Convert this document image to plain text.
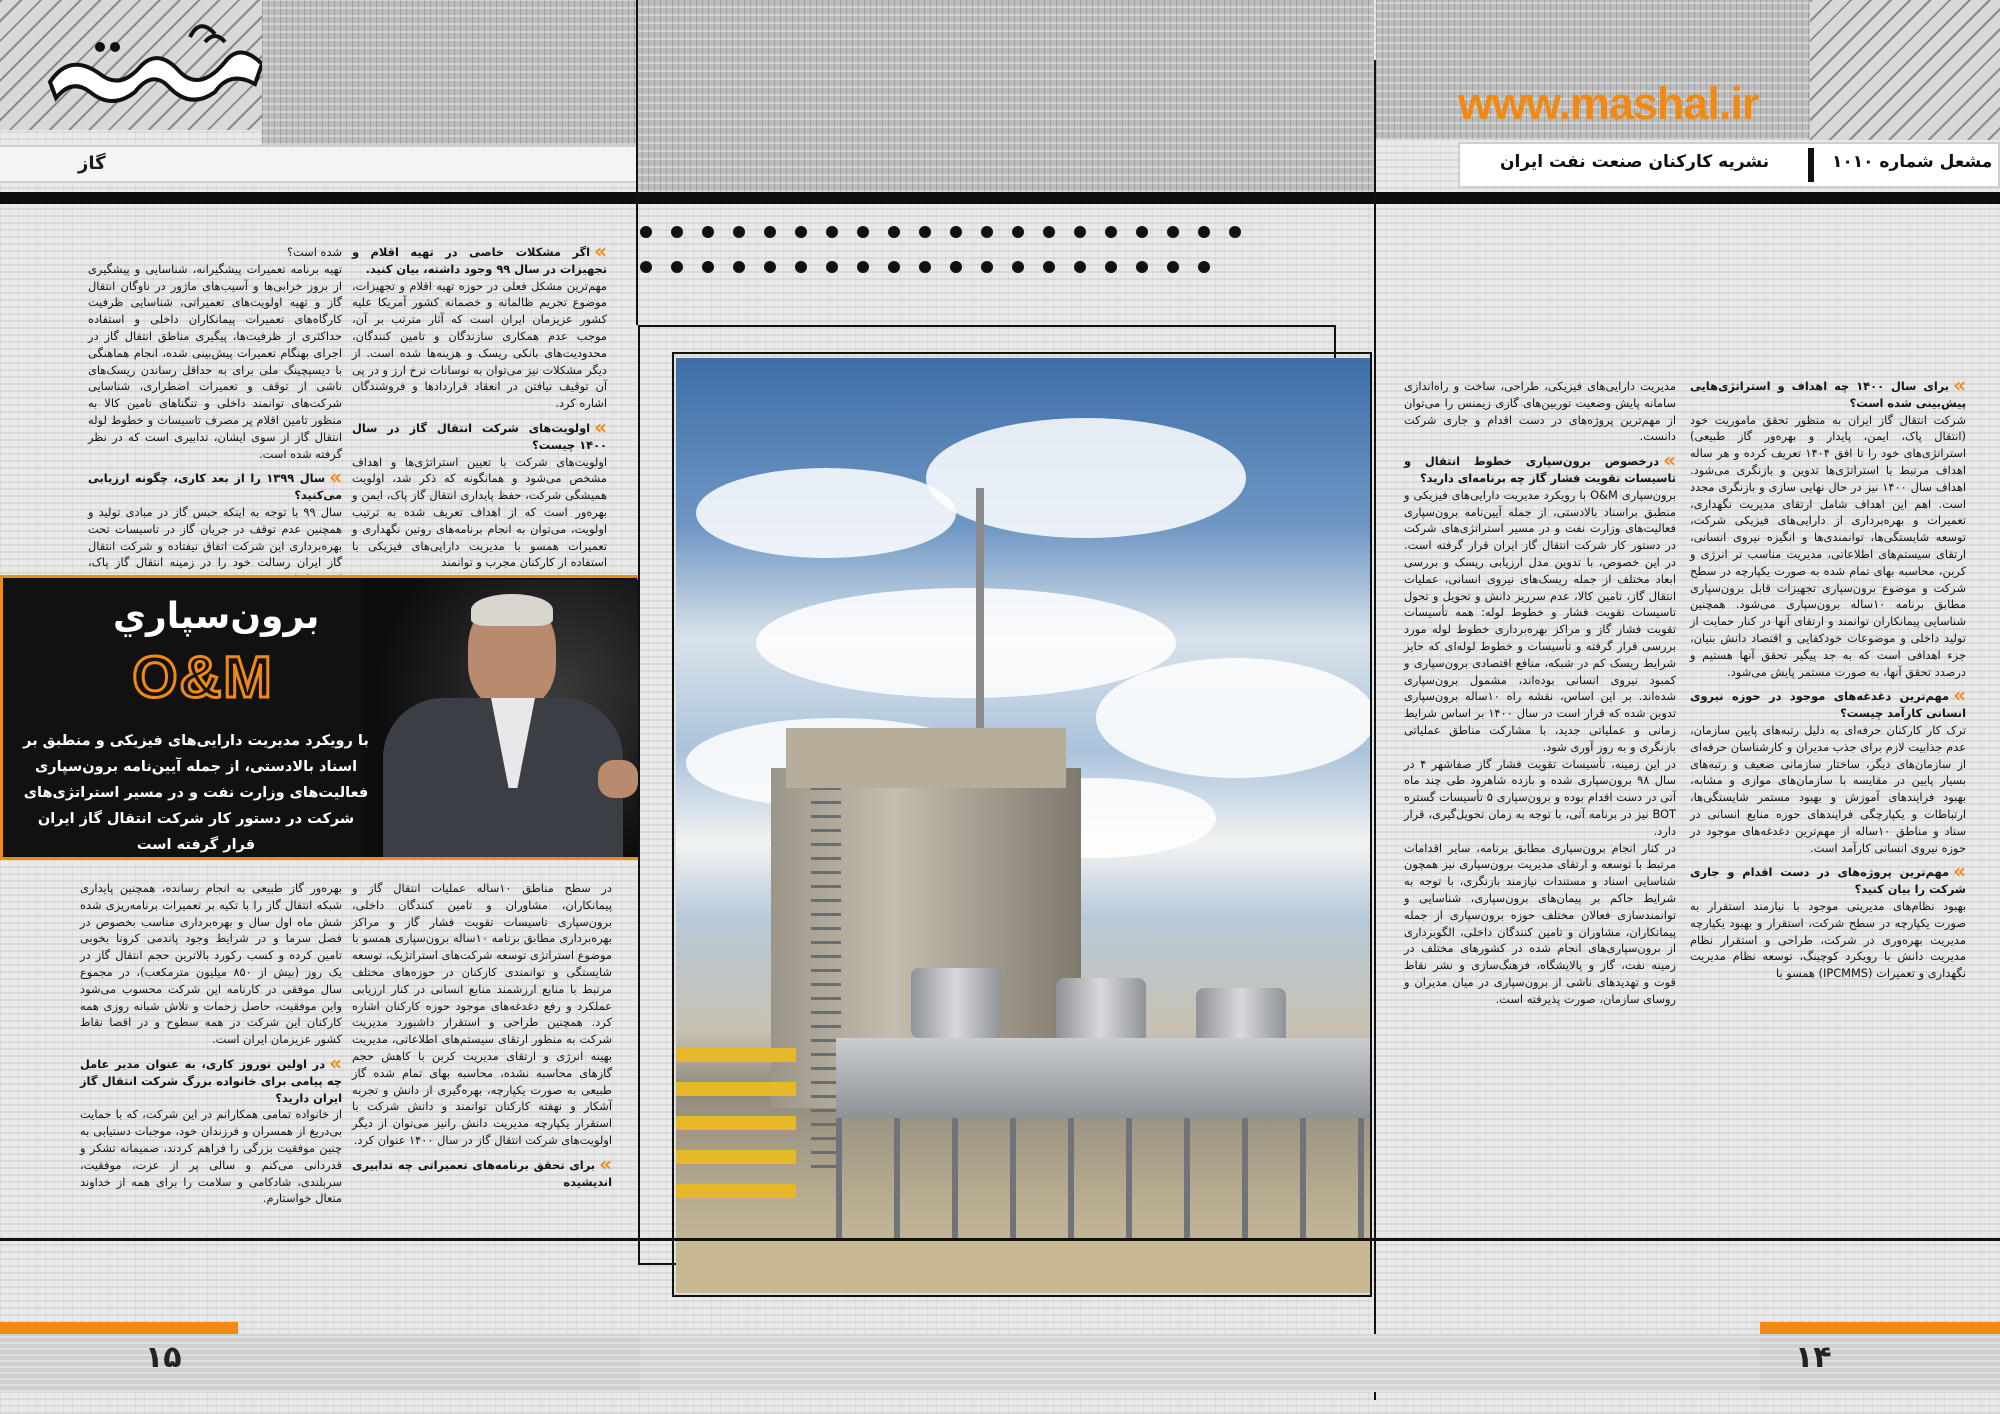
گاز
» اگر مشکلات خاصی در تهیه اقلام و تجهیزات در سال ۹۹ وجود داشته، بیان کنید.
مهم‌ترین مشکل فعلی در حوزه تهیه اقلام و تجهیزات، موضوع تحریم ظالمانه و خصمانه کشور آمریکا علیه کشور عزیزمان ایران است که آثار مترتب بر آن، موجب عدم همکاری سازندگان و تامین کنندگان، محدودیت‌های بانکی ریسک و هزینه‌ها شده است. از دیگر مشکلات نیز می‌توان به نوسانات نرخ ارز و در پی آن توقیف نیافتن در انعقاد قراردادها و فروشندگان اشاره کرد.
» اولویت‌های شرکت انتقال گاز در سال ۱۴۰۰ چیست؟
اولویت‌های شرکت با تعیین استراتژی‌ها و اهداف مشخص می‌شود و همانگونه که ذکر شد، اولویت همیشگی شرکت، حفظ پایداری انتقال گاز پاک، ایمن و بهره‌ور است که از اهداف تعریف شده به ترتیب اولویت، می‌توان به انجام برنامه‌های روتین نگهداری و تعمیرات همسو با مدیریت دارایی‌های فیزیکی با استفاده از کارکنان مجرب و توانمند
شده است؟
تهیه برنامه تعمیرات پیشگیرانه، شناسایی و پیشگیری از بروز خرابی‌ها و آسیب‌های ماژور در ناوگان انتقال گاز و تهیه اولویت‌های تعمیراتی، شناسایی ظرفیت کارگاه‌های تعمیرات پیمانکاران داخلی و استفاده حداکثری از ظرفیت‌ها، پیگیری مناطق انتقال گاز در اجرای بهنگام تعمیرات پیش‌بینی شده، انجام هماهنگی با دیسپچینگ ملی برای به حداقل رساندن ریسک‌های ناشی از توقف و تعمیرات اضطراری، شناسایی شرکت‌های توانمند داخلی و تنگناهای تامین کالا به منظور تامین اقلام پر مصرف تاسیسات و خطوط لوله انتقال گاز از سوی ایشان، تدابیری است که در نظر گرفته شده است.
» سال ۱۳۹۹ را از بعد کاری، چگونه ارزیابی می‌کنید؟
سال ۹۹ با توجه به اینکه حبس گاز در مبادی تولید و همچنین عدم توقف در جریان گاز در تاسیسات تحت بهره‌برداری این شرکت اتفاق نیفتاده و شرکت انتقال گاز ایران رسالت خود را در زمینه انتقال گاز پاک،
برون‌سپاري
O&M
با رویکرد مدیریت دارایی‌های فیزیکی و منطبق بر اسناد بالادستی، از جمله آیین‌نامه برون‌سپاری فعالیت‌های وزارت نفت و در مسیر استراتژی‌های شرکت در دستور کار شرکت انتقال گاز ایران قرار گرفته است
در سطح مناطق ۱۰ساله عملیات انتقال گاز و پیمانکاران، مشاوران و تامین کنندگان داخلی، برون‌سپاری تاسیسات تقویت فشار گاز و مراکز بهره‌برداری مطابق برنامه ۱۰ساله برون‌سپاری همسو با موضوع استراتژی توسعه شرکت‌های استراتژیک، توسعه شایستگی و توانمندی کارکنان در حوزه‌های مختلف مرتبط با منابع ارزشمند منابع انسانی در کنار ارزیابی عملکرد و رفع دغدغه‌های موجود حوزه کارکنان اشاره کرد. همچنین طراحی و استقرار داشبورد مدیریت شرکت به منظور ارتقای سیستم‌های اطلاعاتی، مدیریت بهینه انرژی و ارتقای مدیریت کربن با کاهش حجم گازهای محاسبه نشده، محاسبه بهای تمام شده گاز طبیعی به صورت یکپارچه، بهره‌گیری از دانش و تجربه آشکار و نهفته کارکنان توانمند و دانش شرکت با استقرار یکپارچه مدیریت دانش رانیز می‌توان از دیگر اولویت‌های شرکت انتقال گاز در سال ۱۴۰۰ عنوان کرد.
» برای تحقق برنامه‌های تعمیراتی چه تدابیری اندیشیده
بهره‌ور گاز طبیعی به انجام رسانده، همچنین پایداری شبکه انتقال گاز را با تکیه بر تعمیرات برنامه‌ریزی شده شش ماه اول سال و بهره‌برداری مناسب بخصوص در فصل سرما و در شرایط وجود پاندمی کرونا بخوبی تامین کرده و کسب رکورد بالاترین حجم انتقال گاز در یک روز (بیش از ۸۵۰ میلیون مترمکعب)، در مجموع سال موفقی در کارنامه این شرکت محسوب می‌شود واین موفقیت، حاصل زحمات و تلاش شبانه روزی همه کارکنان این شرکت در همه سطوح و در اقصا نقاط کشور عزیزمان ایران است.
» در اولین نوروز کاری، به عنوان مدیر عامل چه پیامی برای خانواده بزرگ شرکت انتقال گاز ایران دارید؟
از خانواده تمامی همکارانم در این شرکت، که با حمایت بی‌دریغ از همسران و فرزندان خود، موجبات دستیابی به چنین موفقیت بزرگی را فراهم کردند، صمیمانه تشکر و قدردانی می‌کنم و سالی پر از عزت، موفقیت، سربلندی، شادکامی و سلامت را برای همه از خداوند متعال خواستارم.
۱۵
www.mashal.ir
نشریه کارکنان صنعت نفت ایران	مشعل شماره ۱۰۱۰
» برای سال ۱۴۰۰ چه اهداف و استراتژی‌هایی پیش‌بینی شده است؟
شرکت انتقال گاز ایران به منظور تحقق ماموریت خود (انتقال پاک، ایمن، پایدار و بهره‌ور گاز طبیعی) استراتژی‌های خود را تا افق ۱۴۰۴ تعریف کرده و هر ساله اهداف مرتبط با استراتژی‌ها تدوین و بازنگری می‌شود. اهداف سال ۱۴۰۰ نیز در حال نهایی سازی و بازنگری مجدد است. اهم این اهداف شامل ارتقای مدیریت نگهداری، تعمیرات و بهره‌برداری از دارایی‌های فیزیکی شرکت، توسعه شایستگی‌ها، توانمندی‌ها و انگیزه نیروی انسانی، ارتقای سیستم‌های اطلاعاتی، مدیریت مناسب تر انرژی و کربن، محاسبه بهای تمام شده به صورت یکپارچه در سطح شرکت و موضوع برون‌سپاری تجهیزات قابل برون‌سپاری مطابق برنامه ۱۰ساله برون‌سپاری می‌شود. همچنین شناسایی پیمانکاران توانمند و ارتقای آنها در کنار حمایت از تولید داخلی و موضوعات خودکفایی و اقتصاد دانش بنیان، جزء اهدافی است که به جد پیگیر تحقق آنها هستیم و درصدد تحقق آنها، به صورت مستمر پایش می‌شود.
» مهم‌ترین دغدغه‌های موجود در حوزه نیروی انسانی کارآمد چیست؟
ترک کار کارکنان حرفه‌ای به دلیل رتبه‌های پایین سازمان، عدم جذابیت لازم برای جذب مدیران و کارشناسان حرفه‌ای از سازمان‌های دیگر، ساختار سازمانی ضعیف و رتبه‌های بسیار پایین در مقایسه با سازمان‌های موازی و مشابه، بهبود فرایندهای آموزش و بهبود مستمر شایستگی‌ها، ارتباطات و یکپارچگی فرایندهای حوزه منابع انسانی در ستاد و مناطق ۱۰ساله از مهم‌ترین دغدغه‌های موجود در حوزه نیروی انسانی کارآمد است.
» مهم‌ترین پروژه‌های در دست اقدام و جاری شرکت را بیان کنید؟
بهبود نظام‌های مدیریتی موجود با نیازمند استقرار به صورت یکپارچه در سطح شرکت، استقرار و بهبود یکپارچه مدیریت بهره‌وری در شرکت، طراحی و استقرار نظام مدیریت دانش با رویکرد کوچینگ، توسعه نظام مدیریت نگهداری و تعمیرات (IPCMMS) همسو با
مدیریت دارایی‌های فیزیکی، طراحی، ساخت و راه‌اندازی سامانه پایش وضعیت توربین‌های گازی زیمنس را می‌توان از مهم‌ترین پروژه‌های در دست اقدام و جاری شرکت دانست.
» درخصوص برون‌سپاری خطوط انتقال و تاسیسات تقویت فشار گاز چه برنامه‌ای دارید؟
برون‌سپاری O&M با رویکرد مدیریت دارایی‌های فیزیکی و منطبق براسناد بالادستی، از جمله آیین‌نامه برون‌سپاری فعالیت‌های وزارت نفت و در مسیر استراتژی‌های شرکت در دستور کار شرکت انتقال گاز ایران قرار گرفته است. در این خصوص، با تدوین مدل ارزیابی ریسک و بررسی ابعاد مختلف از جمله ریسک‌های نیروی انسانی، عملیات انتقال گاز، تامین کالا، عدم سرریز دانش و تحویل و تحول تاسیسات تقویت فشار و خطوط لوله: همه تأسیسات تقویت فشار گاز و مراکز بهره‌برداری خطوط لوله مورد بررسی قرار گرفته و تأسیسات و خطوط لوله‌ای که حایز شرایط ریسک کم در شبکه، منافع اقتصادی برون‌سپاری و کمبود نیروی انسانی بوده‌اند، مشمول برون‌سپاری شده‌اند. بر این اساس، نقشه راه ۱۰ساله برون‌سپاری تدوین شده که قرار است در سال ۱۴۰۰ بر اساس شرایط زمانی و عملیاتی جدید، با مشارکت مناطق عملیاتی بازنگری و به روز آوری شود.
در این زمینه، تأسیسات تقویت فشار گاز صفاشهر ۴ در سال ۹۸ برون‌سپاری شده و بازده شاهرود طی چند ماه آتی در دست اقدام بوده و برون‌سپاری ۵ تأسیسات گستره BOT نیز در برنامه آتی، با توجه به زمان تحویل‌گیری، قرار دارد.
در کنار انجام برون‌سپاری مطابق برنامه، سایر اقدامات مرتبط با توسعه و ارتقای مدیریت برون‌سپاری نیز همچون شناسایی اسناد و مستندات نیازمند بازنگری، با توجه به شرایط حاکم بر پیمان‌های برون‌سپاری، شناسایی و توانمندسازی فعالان مختلف حوزه برون‌سپاری از جمله پیمانکاران، مشاوران و تامین کنندگان داخلی، الگوبرداری از برون‌سپاری‌های انجام شده در کشورهای مختلف در زمینه نفت، گاز و پالایشگاه، فرهنگ‌سازی و نشر نقاط قوت و تهدیدهای ناشی از برون‌سپاری در میان مدیران و روسای سازمان، صورت پذیرفته است.
۱۴
